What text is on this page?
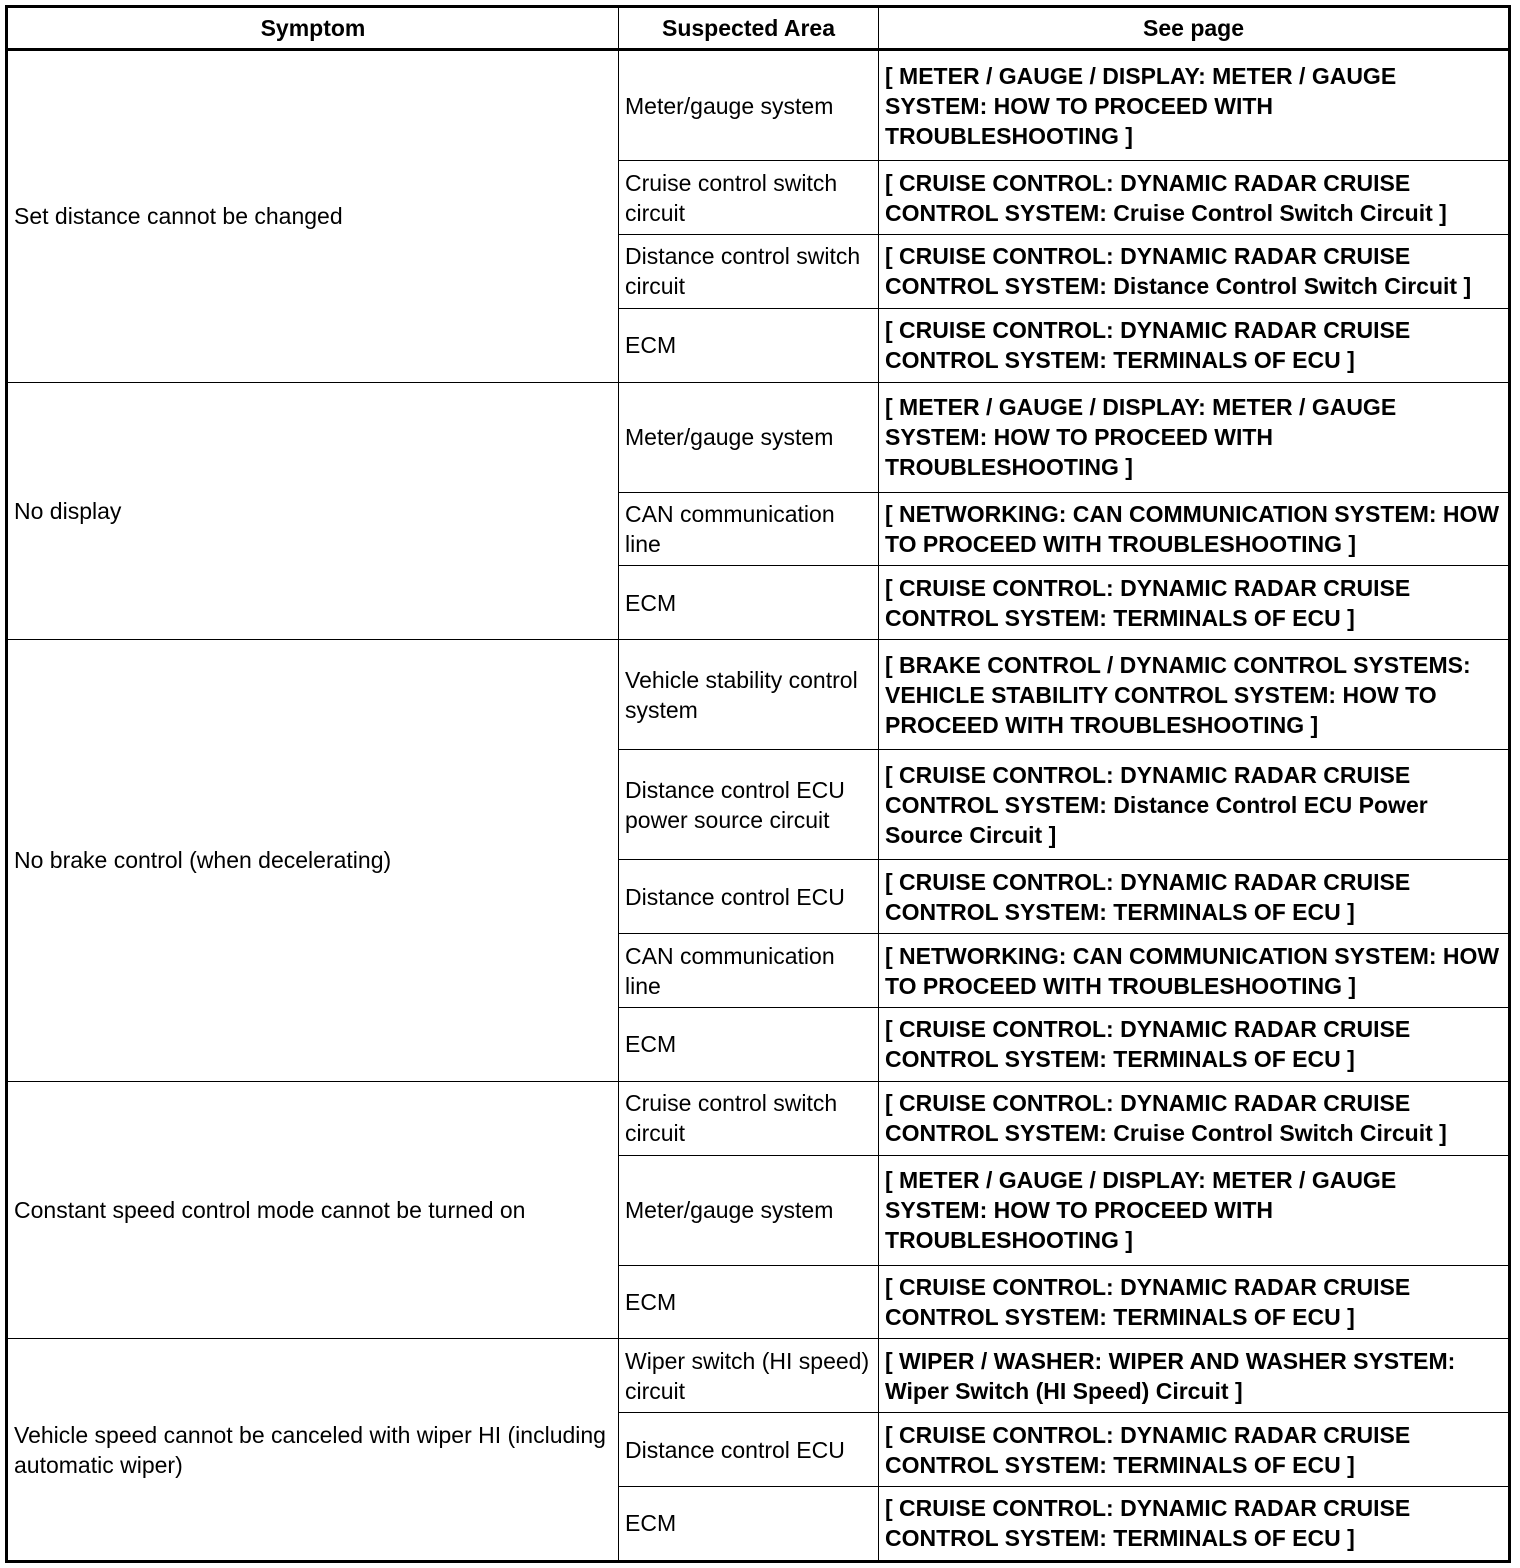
Symptom	Suspected Area	See page
Set distance cannot be changed	Meter/gauge system	[ METER / GAUGE / DISPLAY: METER / GAUGE SYSTEM: HOW TO PROCEED WITH TROUBLESHOOTING ]
	Cruise control switch circuit	[ CRUISE CONTROL: DYNAMIC RADAR CRUISE CONTROL SYSTEM: Cruise Control Switch Circuit ]
	Distance control switch circuit	[ CRUISE CONTROL: DYNAMIC RADAR CRUISE CONTROL SYSTEM: Distance Control Switch Circuit ]
	ECM	[ CRUISE CONTROL: DYNAMIC RADAR CRUISE CONTROL SYSTEM: TERMINALS OF ECU ]
No display	Meter/gauge system	[ METER / GAUGE / DISPLAY: METER / GAUGE SYSTEM: HOW TO PROCEED WITH TROUBLESHOOTING ]
	CAN communication line	[ NETWORKING: CAN COMMUNICATION SYSTEM: HOW TO PROCEED WITH TROUBLESHOOTING ]
	ECM	[ CRUISE CONTROL: DYNAMIC RADAR CRUISE CONTROL SYSTEM: TERMINALS OF ECU ]
No brake control (when decelerating)	Vehicle stability control system	[ BRAKE CONTROL / DYNAMIC CONTROL SYSTEMS: VEHICLE STABILITY CONTROL SYSTEM: HOW TO PROCEED WITH TROUBLESHOOTING ]
	Distance control ECU power source circuit	[ CRUISE CONTROL: DYNAMIC RADAR CRUISE CONTROL SYSTEM: Distance Control ECU Power Source Circuit ]
	Distance control ECU	[ CRUISE CONTROL: DYNAMIC RADAR CRUISE CONTROL SYSTEM: TERMINALS OF ECU ]
	CAN communication line	[ NETWORKING: CAN COMMUNICATION SYSTEM: HOW TO PROCEED WITH TROUBLESHOOTING ]
	ECM	[ CRUISE CONTROL: DYNAMIC RADAR CRUISE CONTROL SYSTEM: TERMINALS OF ECU ]
Constant speed control mode cannot be turned on	Cruise control switch circuit	[ CRUISE CONTROL: DYNAMIC RADAR CRUISE CONTROL SYSTEM: Cruise Control Switch Circuit ]
	Meter/gauge system	[ METER / GAUGE / DISPLAY: METER / GAUGE SYSTEM: HOW TO PROCEED WITH TROUBLESHOOTING ]
	ECM	[ CRUISE CONTROL: DYNAMIC RADAR CRUISE CONTROL SYSTEM: TERMINALS OF ECU ]
Vehicle speed cannot be canceled with wiper HI (including automatic wiper)	Wiper switch (HI speed) circuit	[ WIPER / WASHER: WIPER AND WASHER SYSTEM: Wiper Switch (HI Speed) Circuit ]
	Distance control ECU	[ CRUISE CONTROL: DYNAMIC RADAR CRUISE CONTROL SYSTEM: TERMINALS OF ECU ]
	ECM	[ CRUISE CONTROL: DYNAMIC RADAR CRUISE CONTROL SYSTEM: TERMINALS OF ECU ]
